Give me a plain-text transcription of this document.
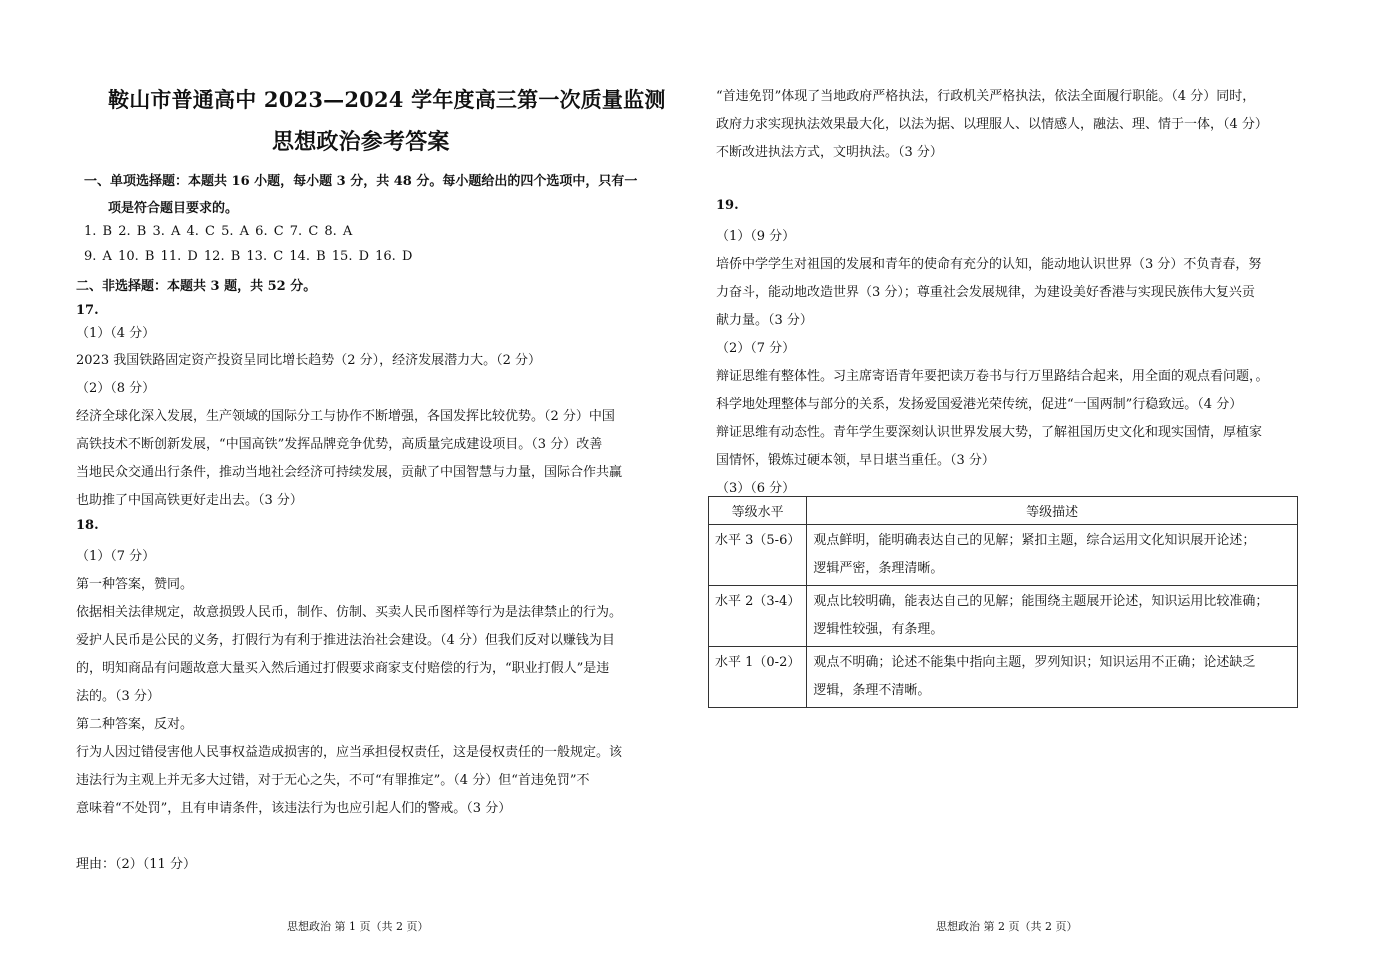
鞍山市普通高中 2023—2024 学年度高三第一次质量监测
思想政治参考答案
一、单项选择题：本题共 16 小题，每小题 3 分，共 48 分。每小题给出的四个选项中，只有一
项是符合题目要求的。
1. B 2. B 3. A 4. C 5. A 6. C 7. C 8. A
9. A 10. B 11. D 12. B 13. C 14. B 15. D 16. D
二、非选择题：本题共 3 题，共 52 分。
17.
（1）（4 分）
2023 我国铁路固定资产投资呈同比增长趋势（2 分），经济发展潜力大。（2 分）
（2）（8 分）
经济全球化深入发展，生产领域的国际分工与协作不断增强，各国发挥比较优势。（2 分）中国
高铁技术不断创新发展，“中国高铁”发挥品牌竞争优势，高质量完成建设项目。（3 分）改善
当地民众交通出行条件，推动当地社会经济可持续发展，贡献了中国智慧与力量，国际合作共赢
也助推了中国高铁更好走出去。（3 分）
18.
（1）（7 分）
第一种答案，赞同。
依据相关法律规定，故意损毁人民币，制作、仿制、买卖人民币图样等行为是法律禁止的行为。
爱护人民币是公民的义务，打假行为有利于推进法治社会建设。（4 分）但我们反对以赚钱为目
的，明知商品有问题故意大量买入然后通过打假要求商家支付赔偿的行为，“职业打假人”是违
法的。（3 分）
第二种答案，反对。
行为人因过错侵害他人民事权益造成损害的，应当承担侵权责任，这是侵权责任的一般规定。该
违法行为主观上并无多大过错，对于无心之失，不可“有罪推定”。（4 分）但“首违免罚”不
意味着“不处罚”，且有申请条件，该违法行为也应引起人们的警戒。（3 分）
理由：（2）（11 分）
思想政治 第 1 页（共 2 页）
“首违免罚”体现了当地政府严格执法，行政机关严格执法，依法全面履行职能。（4 分）同时，
政府力求实现执法效果最大化，以法为据、以理服人、以情感人，融法、理、情于一体，（4 分）
不断改进执法方式，文明执法。（3 分）
19.
（1）（9 分）
培侨中学学生对祖国的发展和青年的使命有充分的认知，能动地认识世界（3 分）不负青春，努
力奋斗，能动地改造世界（3 分）；尊重社会发展规律，为建设美好香港与实现民族伟大复兴贡
献力量。（3 分）
（2）（7 分）
辩证思维有整体性。习主席寄语青年要把读万卷书与行万里路结合起来，用全面的观点看问题，。
科学地处理整体与部分的关系，发扬爱国爱港光荣传统，促进“一国两制”行稳致远。（4 分）
辩证思维有动态性。青年学生要深刻认识世界发展大势，了解祖国历史文化和现实国情，厚植家
国情怀，锻炼过硬本领，早日堪当重任。（3 分）
（3）（6 分）
等级水平	等级描述
水平 3（5-6）	观点鲜明，能明确表达自己的见解；紧扣主题，综合运用文化知识展开论述；
逻辑严密，条理清晰。

水平 2（3-4）	观点比较明确，能表达自己的见解；能围绕主题展开论述，知识运用比较准确；
逻辑性较强，有条理。

水平 1（0-2）	观点不明确；论述不能集中指向主题，罗列知识；知识运用不正确；论述缺乏
逻辑，条理不清晰。
思想政治 第 2 页（共 2 页）
